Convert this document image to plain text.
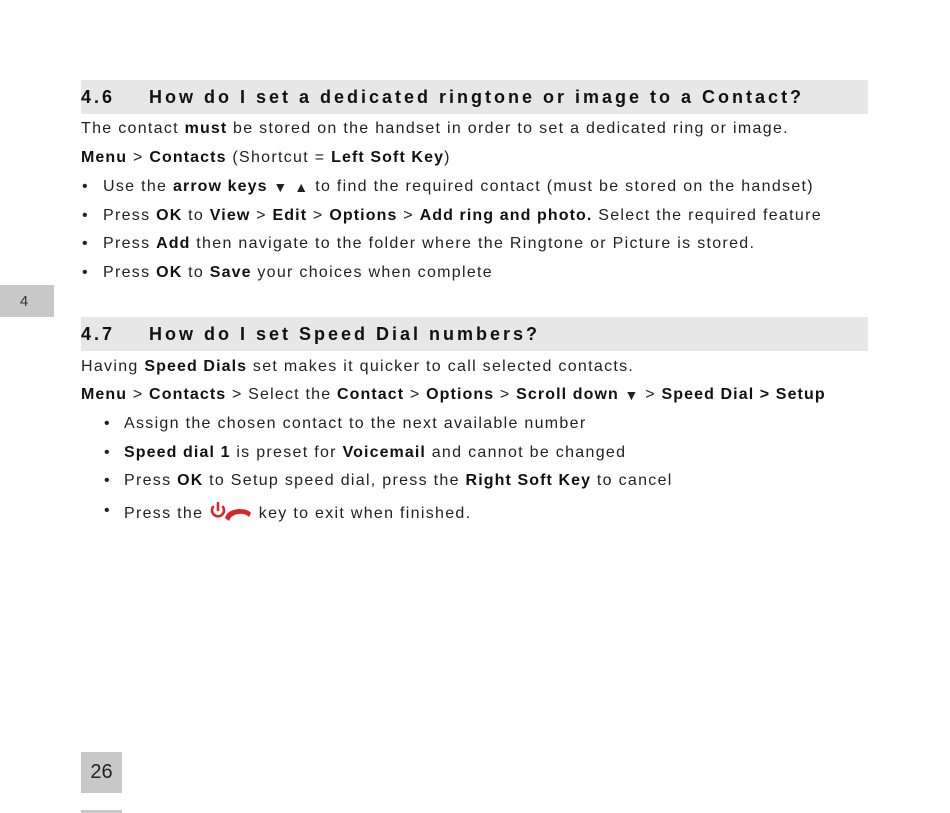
4
4.6	How do I set a dedicated ringtone or image to a Contact?
The contact must be stored on the handset in order to set a dedicated ring or image.
Menu > Contacts (Shortcut = Left Soft Key)
• Use the arrow keys ▼ ▲ to find the required contact (must be stored on the handset)
• Press OK to View > Edit > Options > Add ring and photo. Select the required feature
• Press Add then navigate to the folder where the Ringtone or Picture is stored.
• Press OK to Save your choices when complete
4.7	How do I set Speed Dial numbers?
Having Speed Dials set makes it quicker to call selected contacts.
Menu > Contacts > Select the Contact > Options > Scroll down ▼ > Speed Dial > Setup
• Assign the chosen contact to the next available number
• Speed dial 1 is preset for Voicemail and cannot be changed
• Press OK to Setup speed dial, press the Right Soft Key to cancel
• Press the	key to exit when finished.
26
